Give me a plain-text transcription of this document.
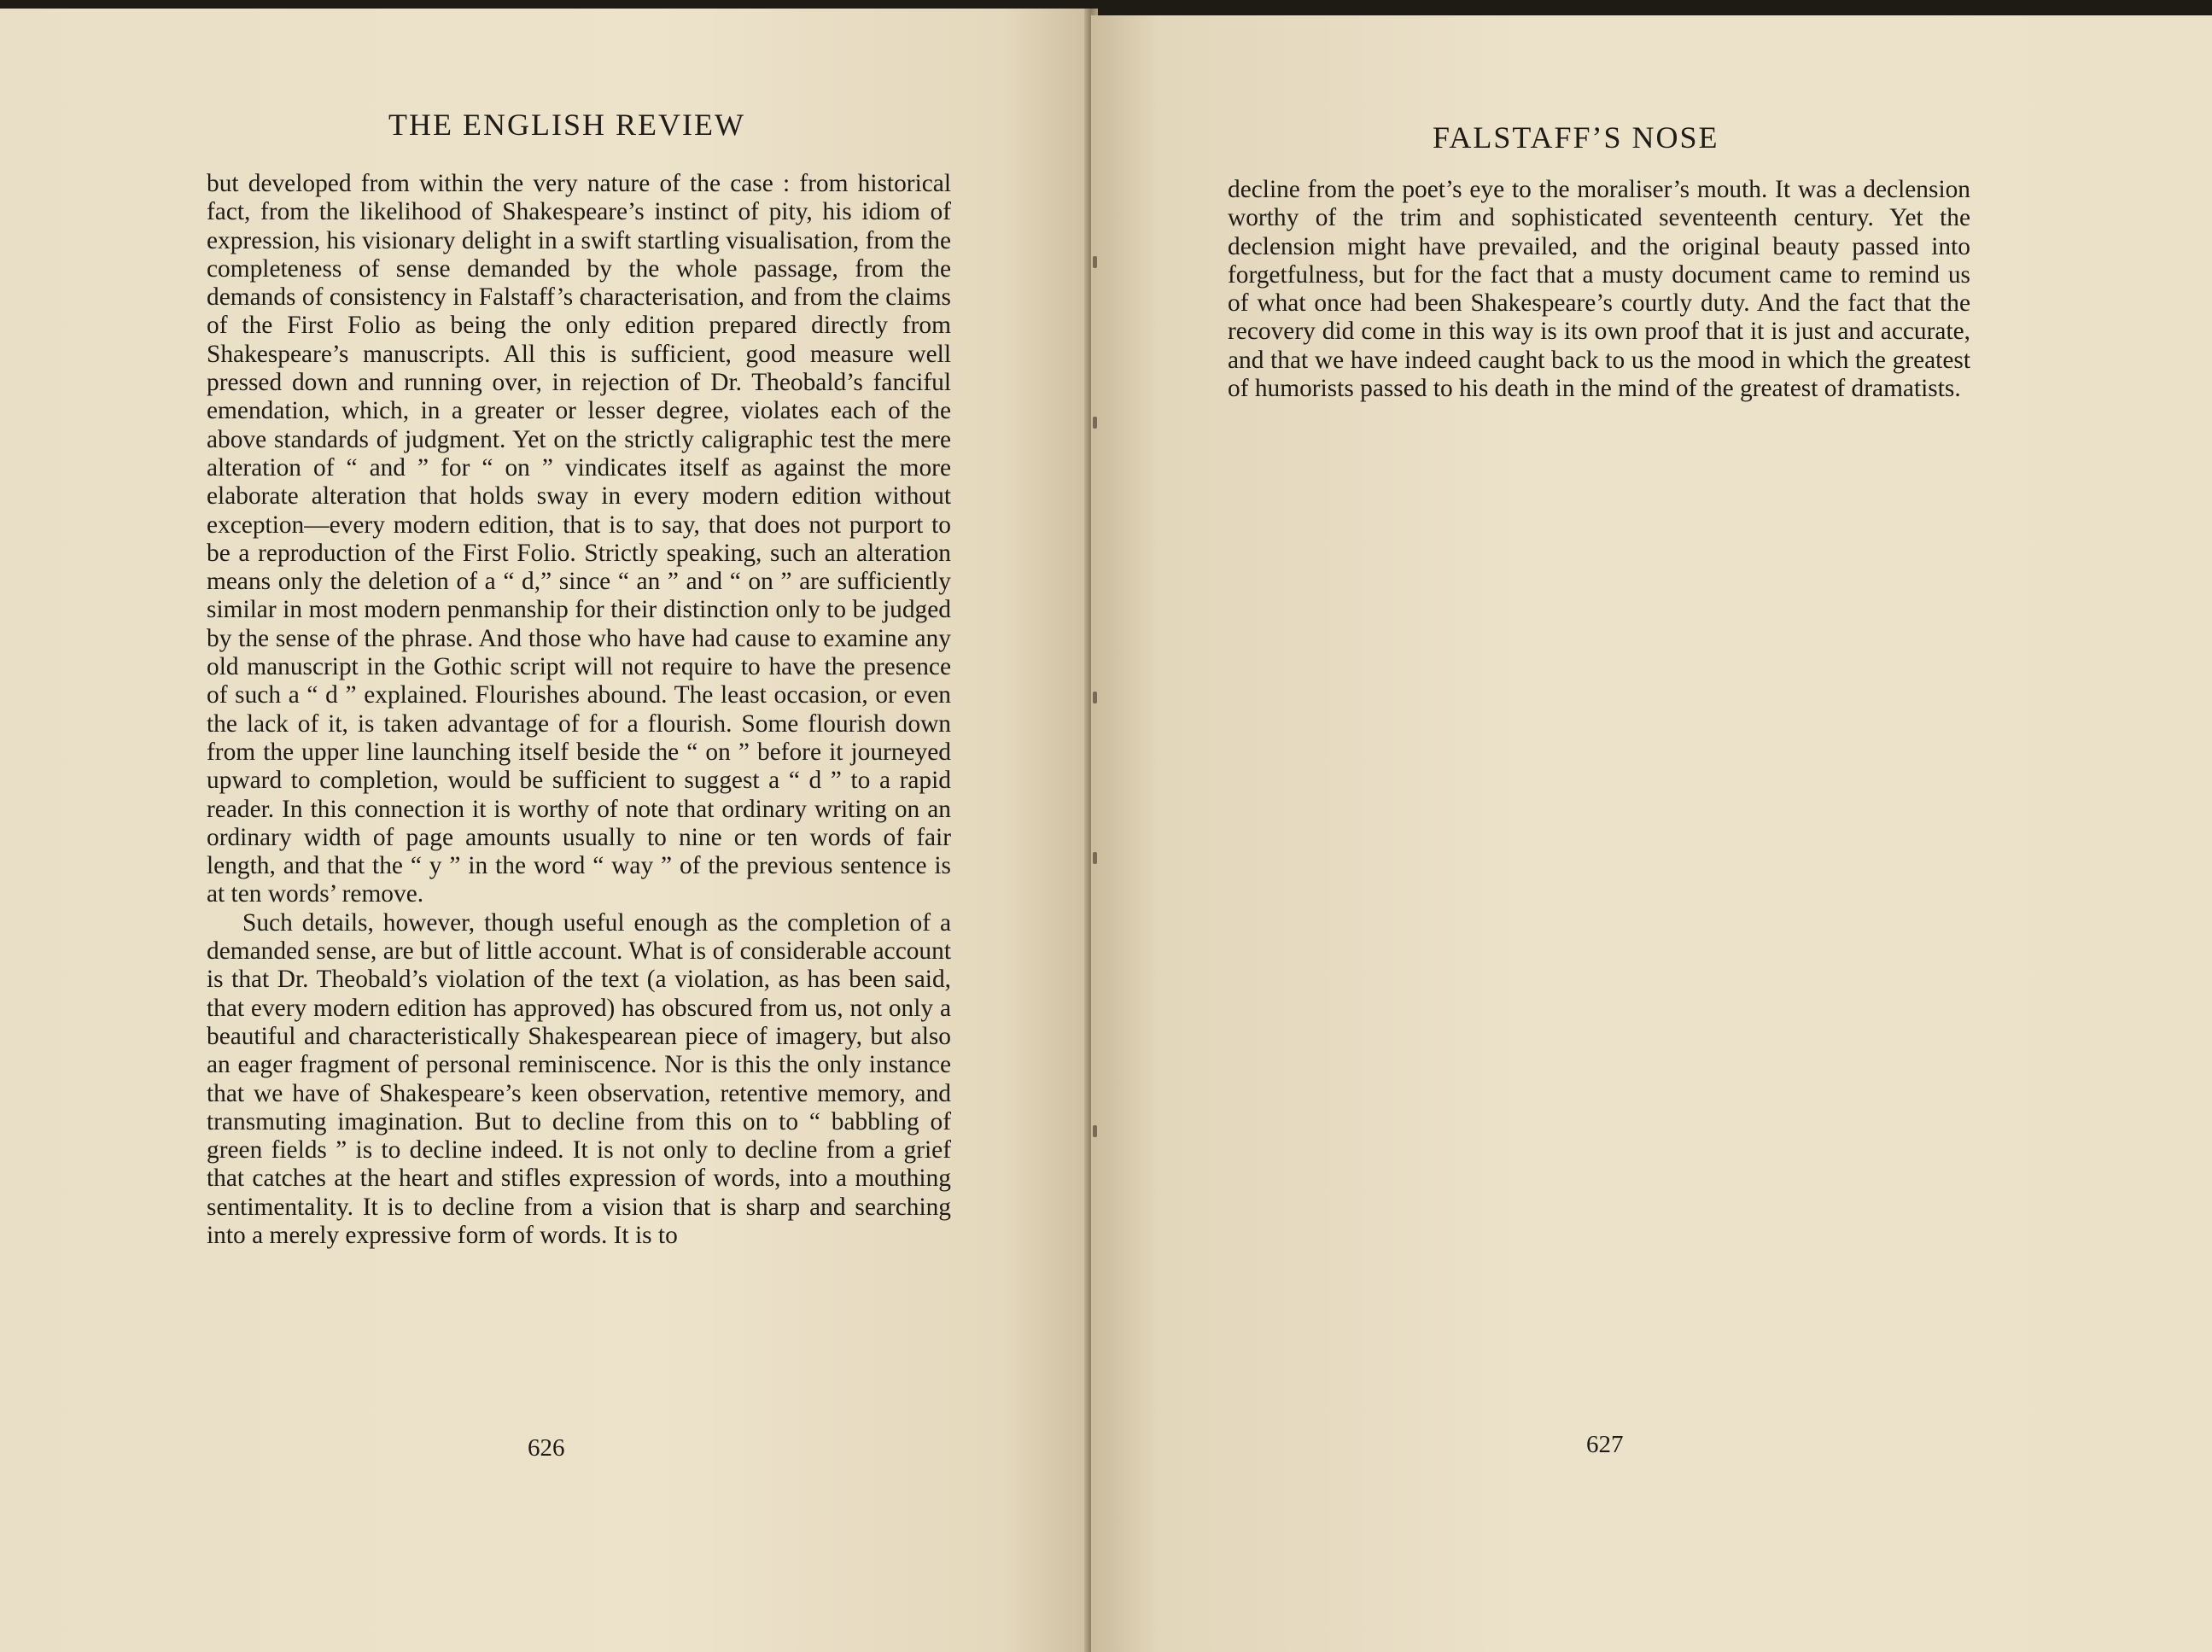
THE ENGLISH REVIEW

but developed from within the very nature of the case : from historical fact, from the likelihood of Shakespeare’s instinct of pity, his idiom of expression, his visionary delight in a swift startling visualisation, from the completeness of sense demanded by the whole passage, from the demands of consistency in Falstaff’s characterisation, and from the claims of the First Folio as being the only edition prepared directly from Shakespeare’s manuscripts. All this is sufficient, good measure well pressed down and running over, in rejection of Dr. Theobald’s fanciful emendation, which, in a greater or lesser degree, violates each of the above standards of judgment. Yet on the strictly caligraphic test the mere alteration of “ and ” for “ on ” vindicates itself as against the more elaborate alteration that holds sway in every modern edition without exception—every modern edition, that is to say, that does not purport to be a reproduction of the First Folio. Strictly speaking, such an alteration means only the deletion of a “ d,” since “ an ” and “ on ” are sufficiently similar in most modern penmanship for their distinction only to be judged by the sense of the phrase. And those who have had cause to examine any old manuscript in the Gothic script will not require to have the presence of such a “ d ” explained. Flourishes abound. The least occasion, or even the lack of it, is taken advantage of for a flourish. Some flourish down from the upper line launching itself beside the “ on ” before it journeyed upward to completion, would be sufficient to suggest a “ d ” to a rapid reader. In this connection it is worthy of note that ordinary writing on an ordinary width of page amounts usually to nine or ten words of fair length, and that the “ y ” in the word “ way ” of the previous sentence is at ten words’ remove.

Such details, however, though useful enough as the completion of a demanded sense, are but of little account. What is of considerable account is that Dr. Theobald’s violation of the text (a violation, as has been said, that every modern edition has approved) has obscured from us, not only a beautiful and characteristically Shakespearean piece of imagery, but also an eager fragment of personal reminiscence. Nor is this the only instance that we have of Shakespeare’s keen observation, retentive memory, and transmuting imagination. But to decline from this on to “ babbling of green fields ” is to decline indeed. It is not only to decline from a grief that catches at the heart and stifles expression of words, into a mouthing sentimentality. It is to decline from a vision that is sharp and searching into a merely expressive form of words. It is to

626
FALSTAFF’S NOSE

decline from the poet’s eye to the moraliser’s mouth. It was a declension worthy of the trim and sophisticated seventeenth century. Yet the declension might have prevailed, and the original beauty passed into forgetfulness, but for the fact that a musty document came to remind us of what once had been Shakespeare’s courtly duty. And the fact that the recovery did come in this way is its own proof that it is just and accurate, and that we have indeed caught back to us the mood in which the greatest of humorists passed to his death in the mind of the greatest of dramatists.

627
